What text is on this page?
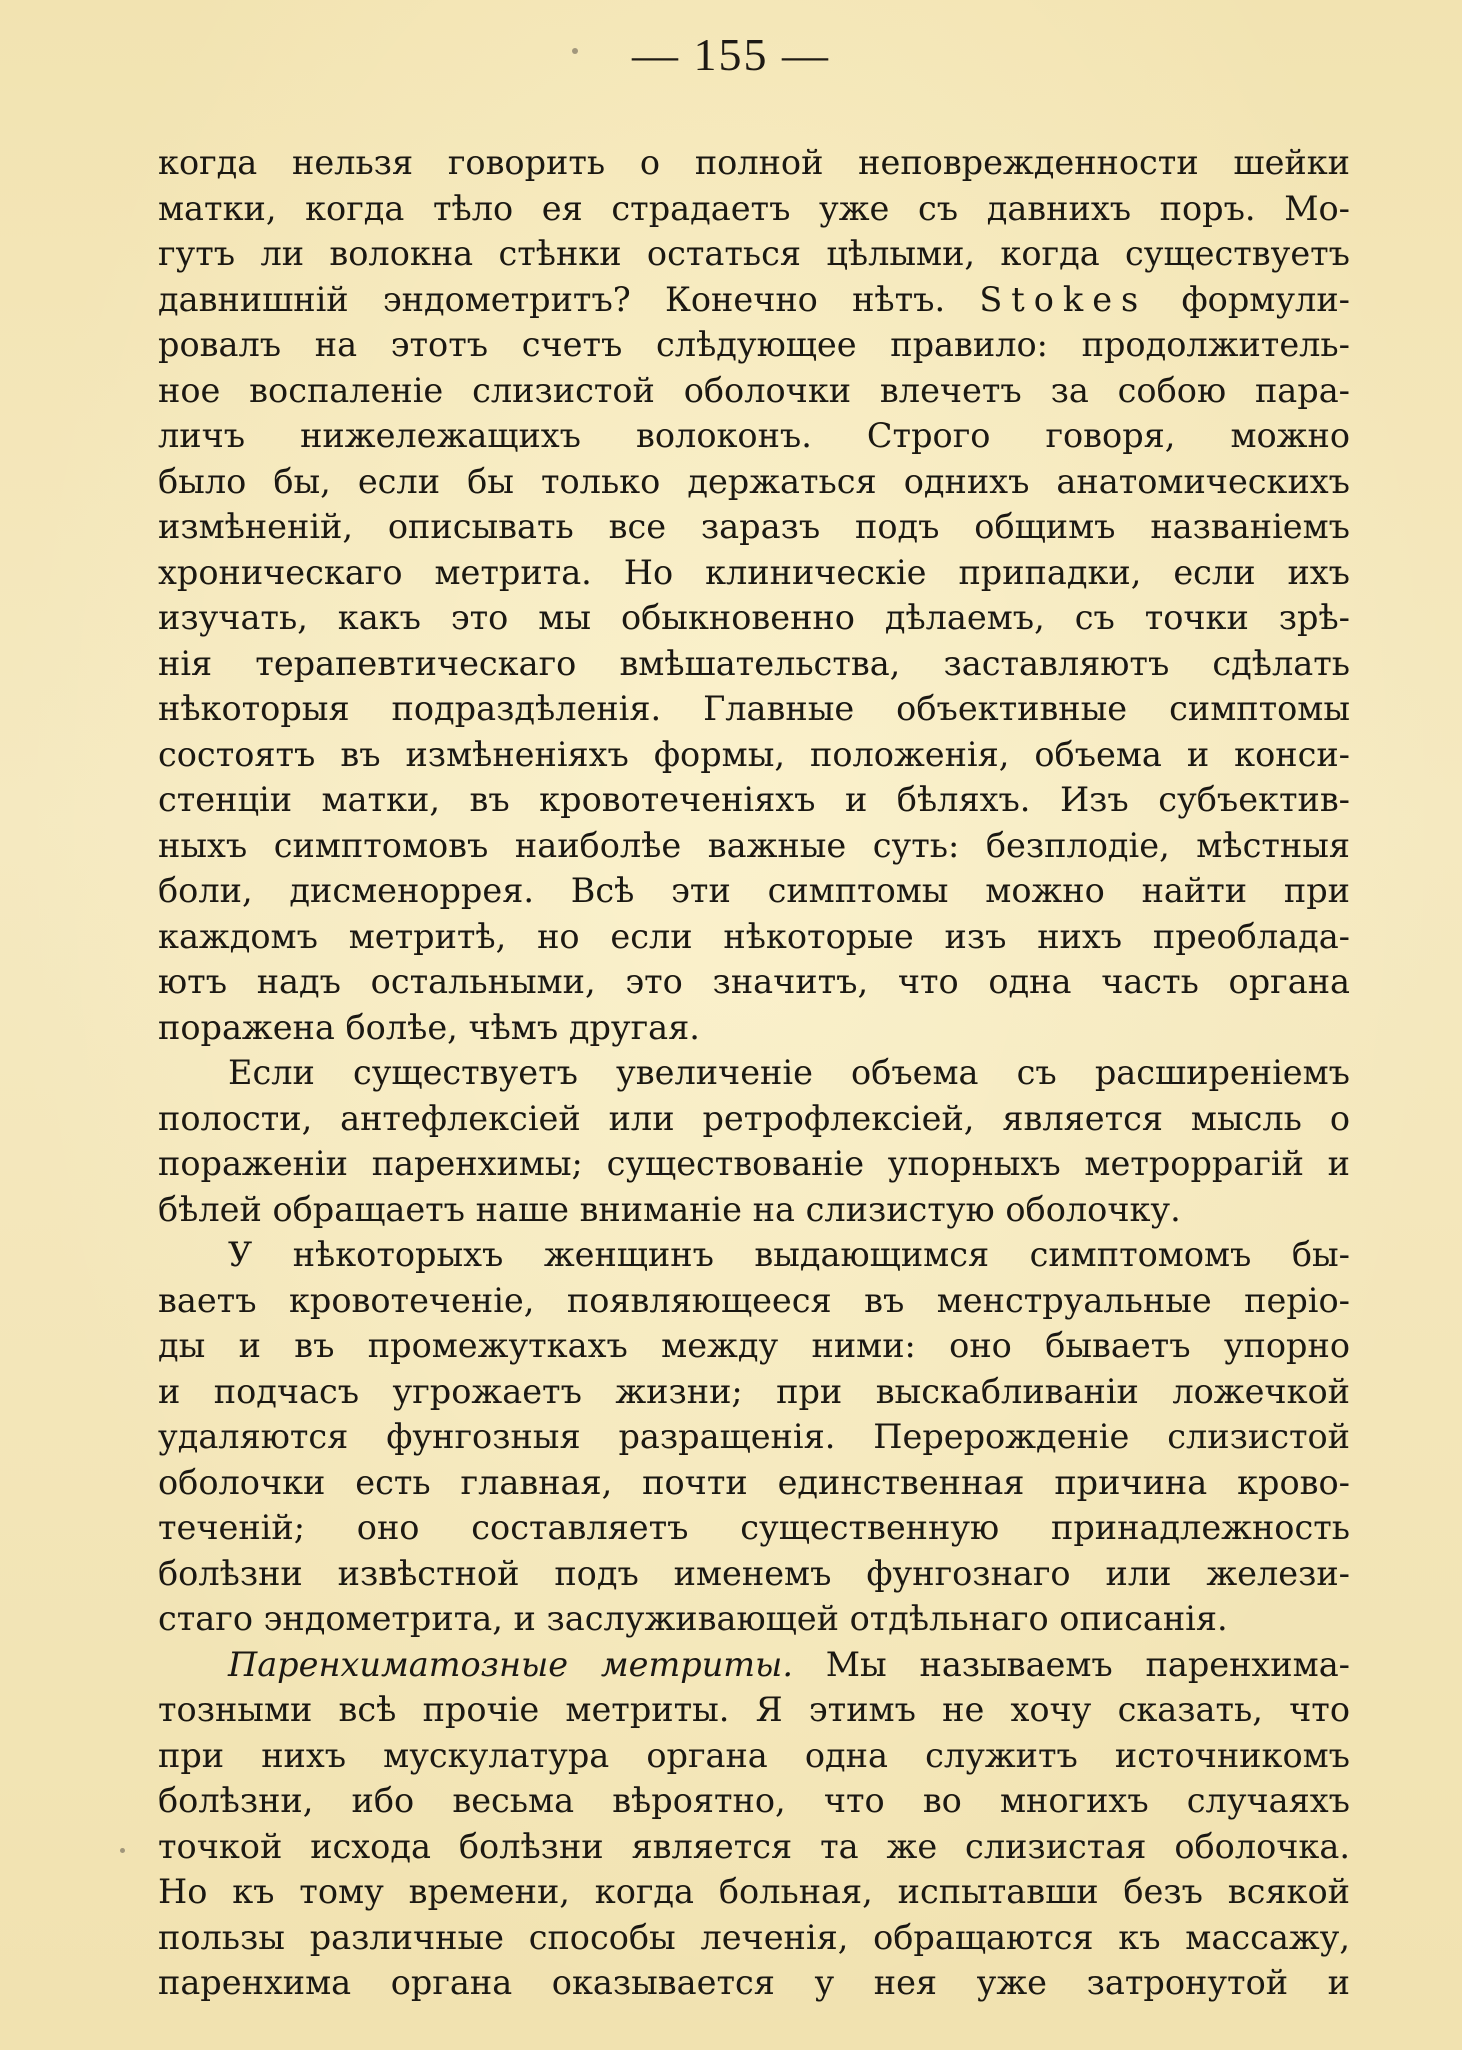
— 155 —
когда нельзя говорить о полной неповрежденности шейки
матки, когда тѣло ея страдаетъ уже съ давнихъ поръ. Мо-
гутъ ли волокна стѣнки остаться цѣлыми, когда существуетъ
давнишній эндометритъ? Конечно нѣтъ. Stokes формули-
ровалъ на этотъ счетъ слѣдующее правило: продолжитель-
ное воспаленіе слизистой оболочки влечетъ за собою пара-
личъ нижележащихъ волоконъ. Строго говоря, можно
было бы, если бы только держаться однихъ анатомическихъ
измѣненій, описывать все заразъ подъ общимъ названіемъ
хроническаго метрита. Но клиническіе припадки, если ихъ
изучать, какъ это мы обыкновенно дѣлаемъ, съ точки зрѣ-
нія терапевтическаго вмѣшательства, заставляютъ сдѣлать
нѣкоторыя подраздѣленія. Главные объективные симптомы
состоятъ въ измѣненіяхъ формы, положенія, объема и конси-
стенціи матки, въ кровотеченіяхъ и бѣляхъ. Изъ субъектив-
ныхъ симптомовъ наиболѣе важные суть: безплодіе, мѣстныя
боли, дисменоррея. Всѣ эти симптомы можно найти при
каждомъ метритѣ, но если нѣкоторые изъ нихъ преоблада-
ютъ надъ остальными, это значитъ, что одна часть органа
поражена болѣе, чѣмъ другая.
Если существуетъ увеличеніе объема съ расширеніемъ
полости, антефлексіей или ретрофлексіей, является мысль о
пораженіи паренхимы; существованіе упорныхъ метроррагій и
бѣлей обращаетъ наше вниманіе на слизистую оболочку.
У нѣкоторыхъ женщинъ выдающимся симптомомъ бы-
ваетъ кровотеченіе, появляющееся въ менструальные періо-
ды и въ промежуткахъ между ними: оно бываетъ упорно
и подчасъ угрожаетъ жизни; при выскабливаніи ложечкой
удаляются фунгозныя разращенія. Перерожденіе слизистой
оболочки есть главная, почти единственная причина крово-
теченій; оно составляетъ существенную принадлежность
болѣзни извѣстной подъ именемъ фунгознаго или желези-
стаго эндометрита, и заслуживающей отдѣльнаго описанія.
Паренхиматозные метриты. Мы называемъ паренхима-
тозными всѣ прочіе метриты. Я этимъ не хочу сказать, что
при нихъ мускулатура органа одна служитъ источникомъ
болѣзни, ибо весьма вѣроятно, что во многихъ случаяхъ
точкой исхода болѣзни является та же слизистая оболочка.
Но къ тому времени, когда больная, испытавши безъ всякой
пользы различные способы леченія, обращаются къ массажу,
паренхима органа оказывается у нея уже затронутой и
